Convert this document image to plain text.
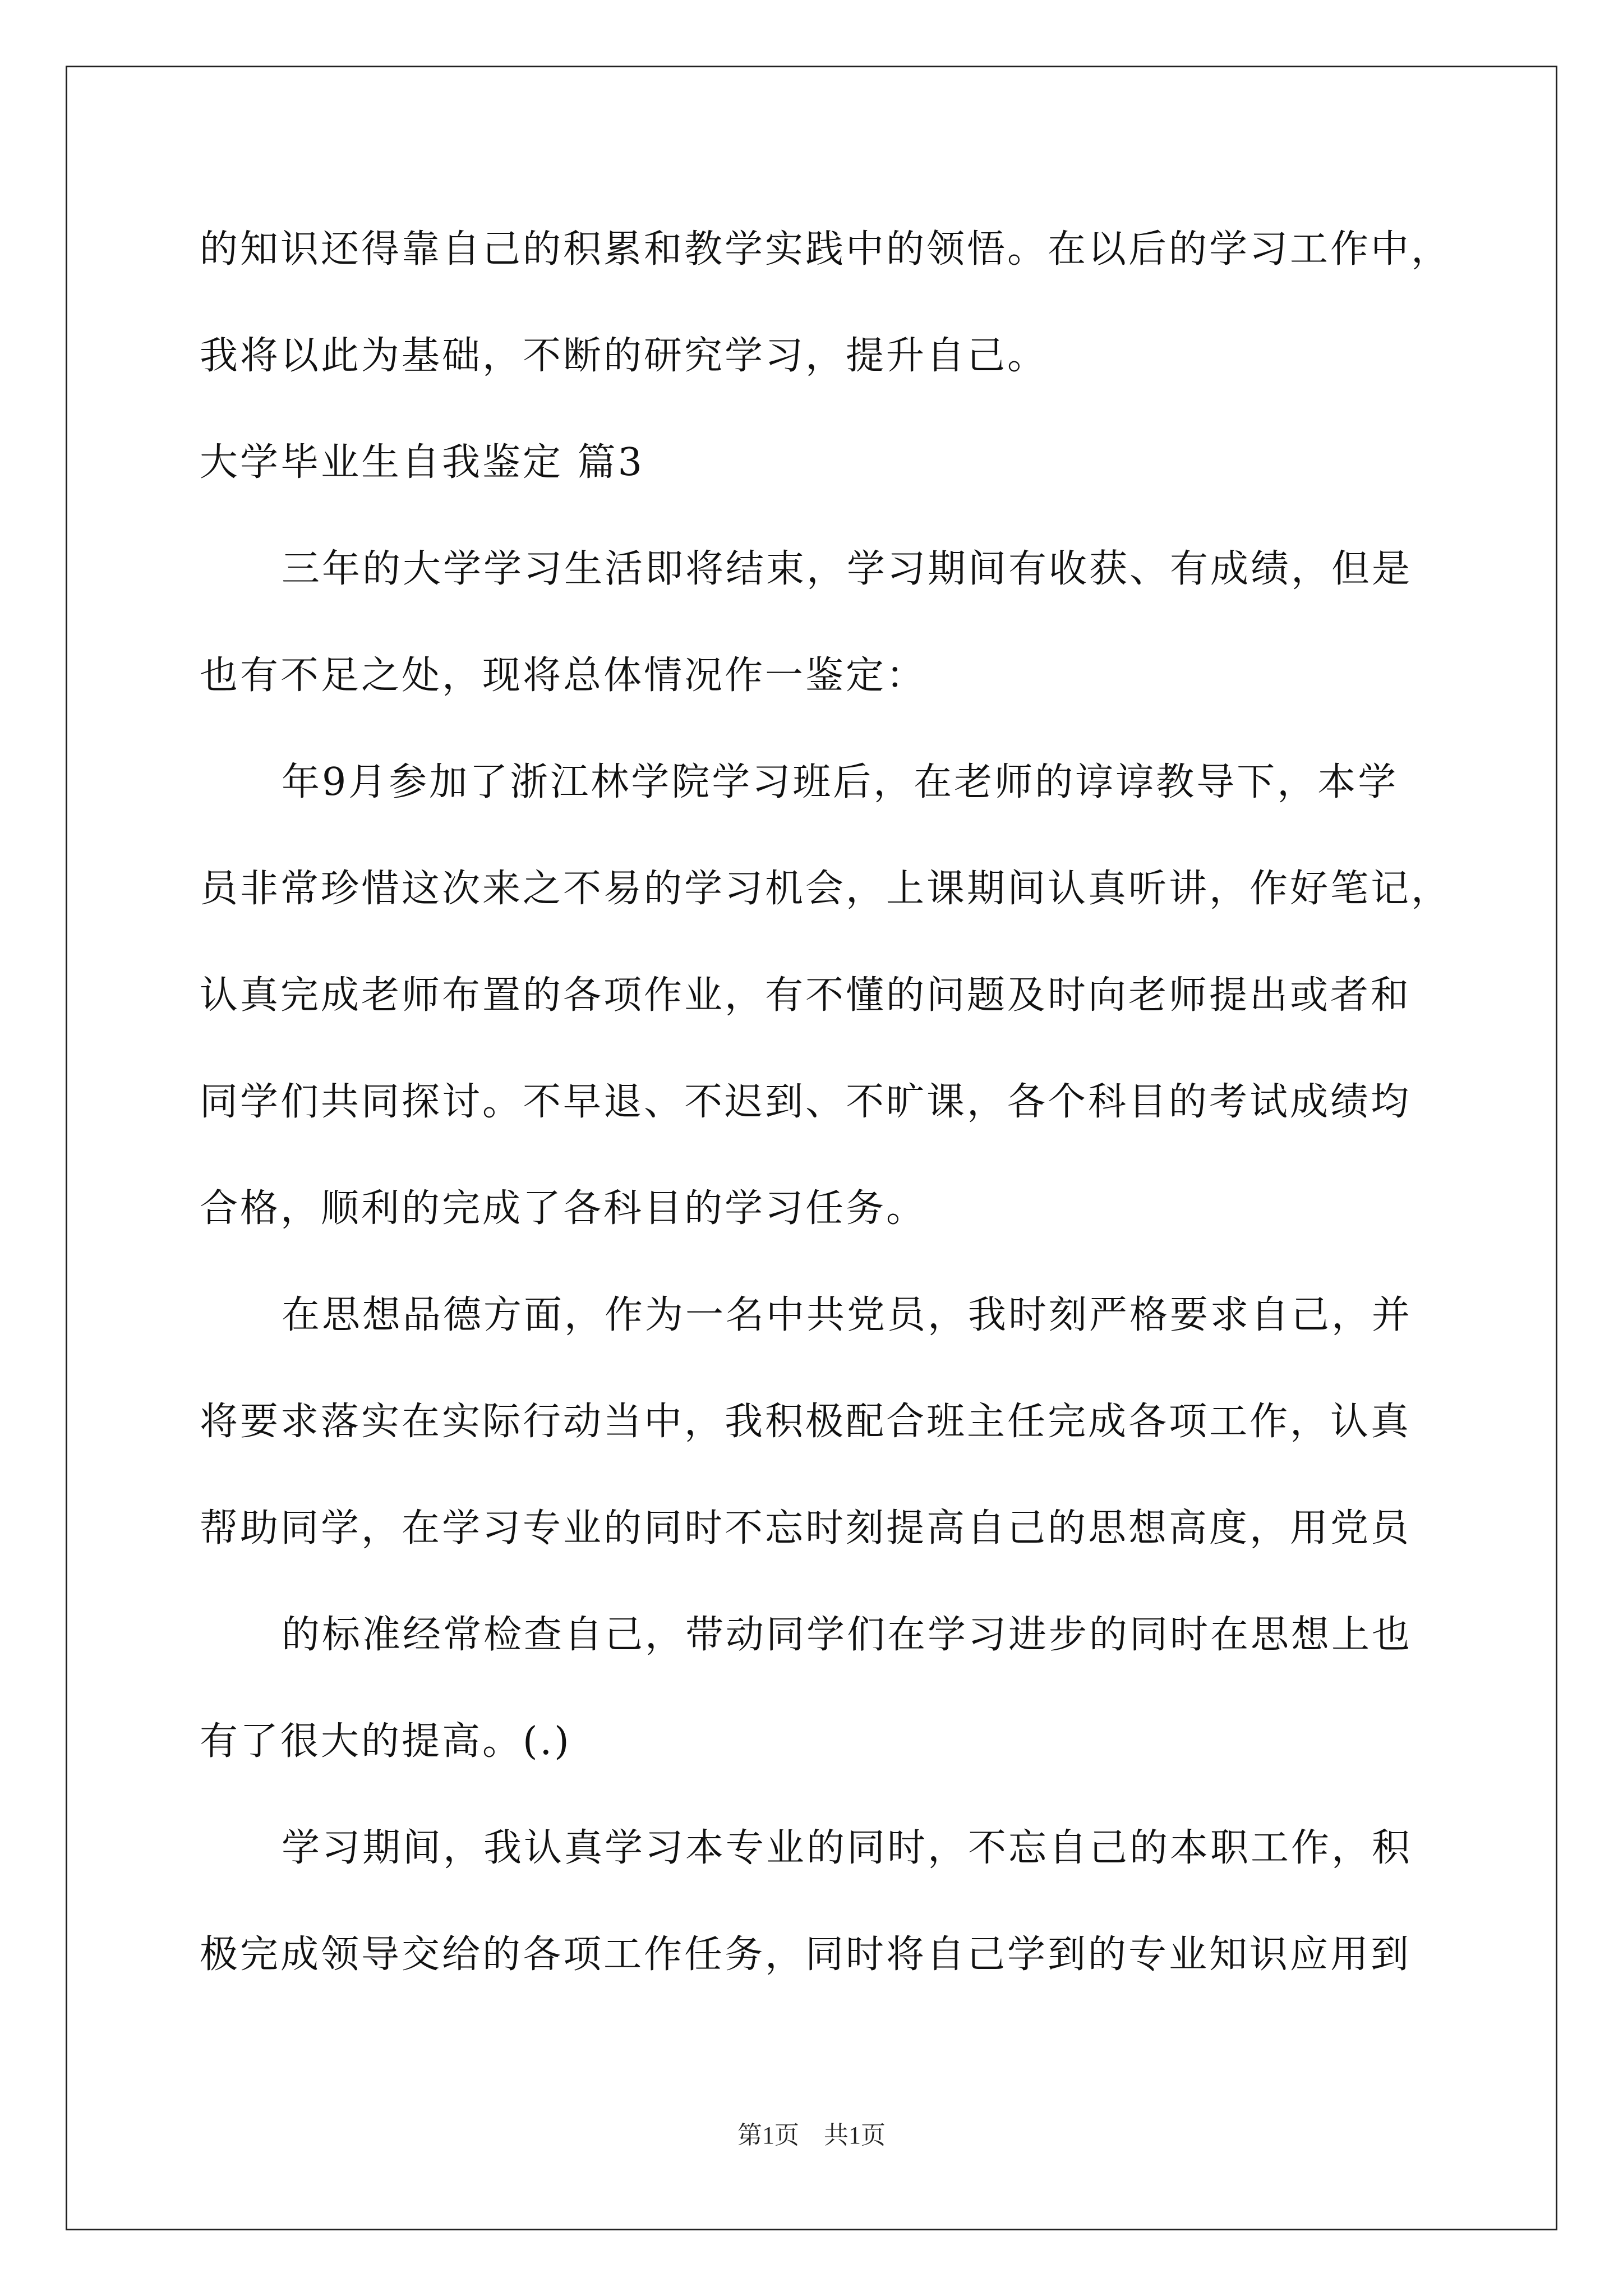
的知识还得靠自己的积累和教学实践中的领悟。在以后的学习工作中，
我将以此为基础，不断的研究学习，提升自己。
大学毕业生自我鉴定 篇3
三年的大学学习生活即将结束，学习期间有收获、有成绩，但是
也有不足之处，现将总体情况作一鉴定：
年9月参加了浙江林学院学习班后，在老师的谆谆教导下，本学
员非常珍惜这次来之不易的学习机会，上课期间认真听讲，作好笔记，
认真完成老师布置的各项作业，有不懂的问题及时向老师提出或者和
同学们共同探讨。不早退、不迟到、不旷课，各个科目的考试成绩均
合格，顺利的完成了各科目的学习任务。
在思想品德方面，作为一名中共党员，我时刻严格要求自己，并
将要求落实在实际行动当中，我积极配合班主任完成各项工作，认真
帮助同学，在学习专业的同时不忘时刻提高自己的思想高度，用党员
的标准经常检查自己，带动同学们在学习进步的同时在思想上也
有了很大的提高。(.)
学习期间，我认真学习本专业的同时，不忘自己的本职工作，积
极完成领导交给的各项工作任务，同时将自己学到的专业知识应用到
第1页　共1页
